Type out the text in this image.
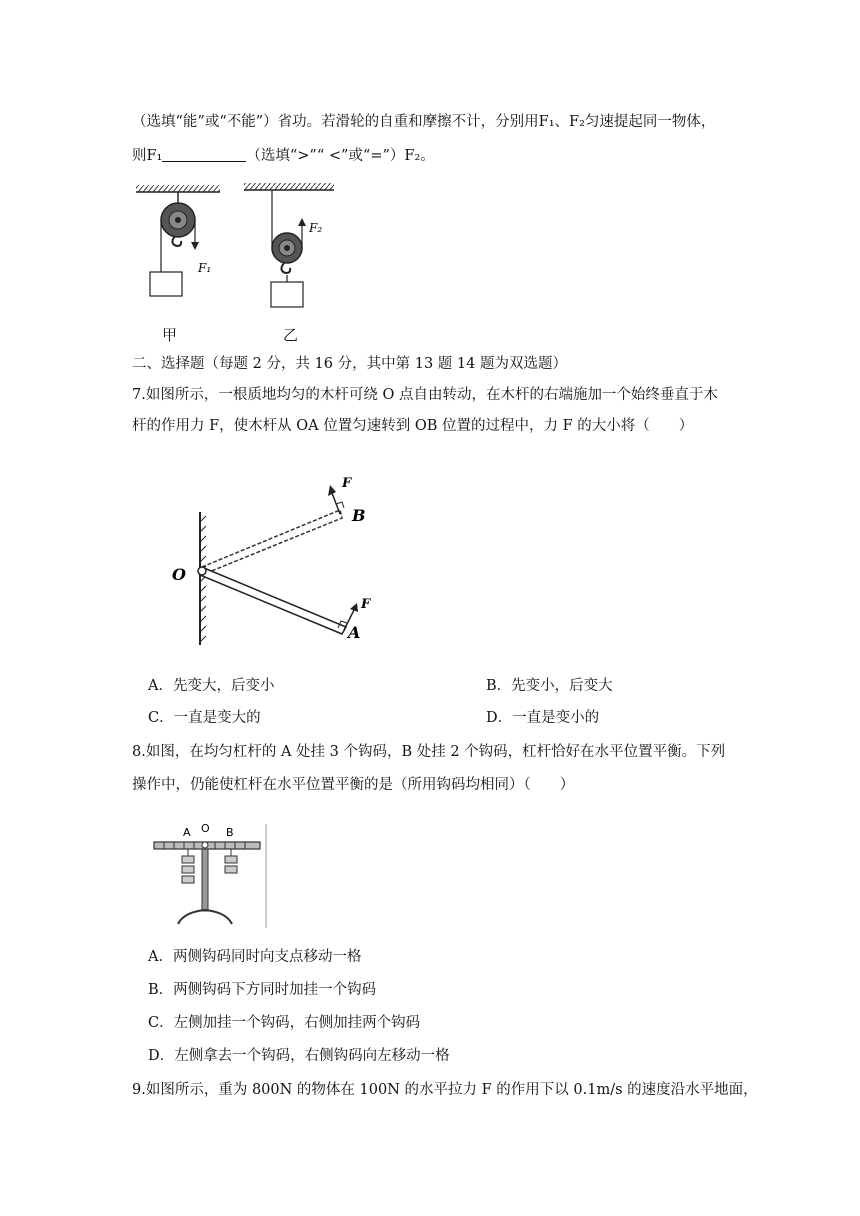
（选填“能”或“不能”）省功。若滑轮的自重和摩擦不计，分别用F₁、F₂匀速提起同一物体，
则F₁	（选填“>”“ <”或“=”）F₂。
F₁
F₂
甲	乙
二、选择题（每题 2 分，共 16 分，其中第 13 题 14 题为双选题）
7.如图所示，一根质地均匀的木杆可绕 O 点自由转动，在木杆的右端施加一个始终垂直于木
杆的作用力 F，使木杆从 OA 位置匀速转到 OB 位置的过程中，力 F 的大小将（　　）
O
B
A
F
F
A．先变大，后变小	B．先变小，后变大
C．一直是变大的	D．一直是变小的
8.如图，在均匀杠杆的 A 处挂 3 个钩码，B 处挂 2 个钩码，杠杆恰好在水平位置平衡。下列
操作中，仍能使杠杆在水平位置平衡的是（所用钩码均相同）（　　）
A O B
A．两侧钩码同时向支点移动一格
B．两侧钩码下方同时加挂一个钩码
C．左侧加挂一个钩码，右侧加挂两个钩码
D．左侧拿去一个钩码，右侧钩码向左移动一格
9.如图所示，重为 800N 的物体在 100N 的水平拉力 F 的作用下以 0.1m/s 的速度沿水平地面，
